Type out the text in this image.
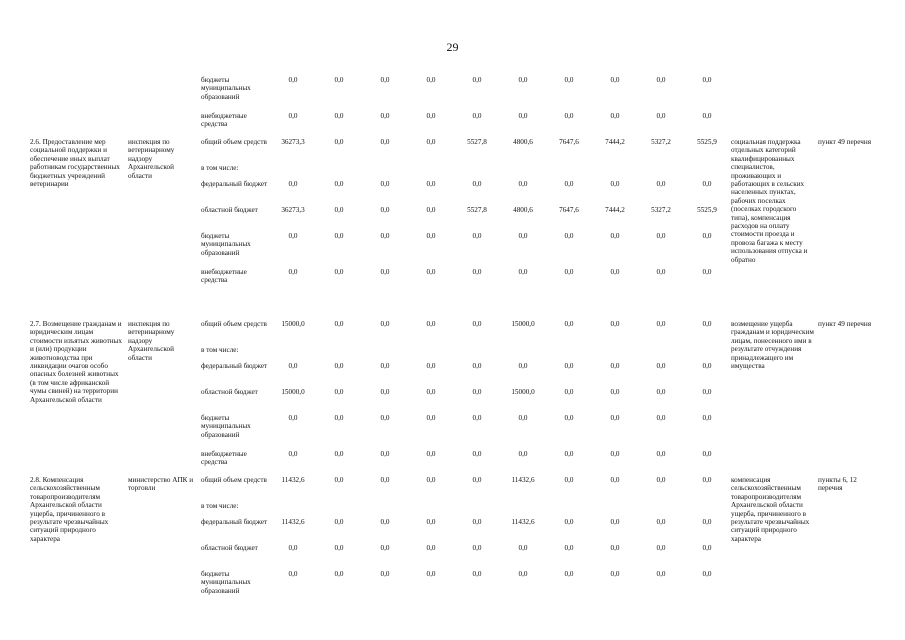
29
		бюджеты муниципальных образований	0,0	0,0	0,0	0,0	0,0	0,0	0,0	0,0	0,0	0,0		
		внебюджетные средства	0,0	0,0	0,0	0,0	0,0	0,0	0,0	0,0	0,0	0,0		
2.6. Предоставление мер социальной поддержки и обеспечение иных выплат работникам государственных бюджетных учреждений ветеринарии	инспекция по ветеринарному надзору Архангельской области	общий объем средств	36273,3	0,0	0,0	0,0	5527,8	4800,6	7647,6	7444,2	5327,2	5525,9	социальная поддержка отдельных категорий квалифицированных специалистов, проживающих и работающих в сельских населенных пунктах, рабочих поселках (поселках городского типа), компенсация расходов на оплату стоимости проезда и провоза багажа к месту использования отпуска и обратно	пункт 49 перечня
		в том числе:												
		федеральный бюджет	0,0	0,0	0,0	0,0	0,0	0,0	0,0	0,0	0,0	0,0		
		областной бюджет	36273,3	0,0	0,0	0,0	5527,8	4800,6	7647,6	7444,2	5327,2	5525,9		
		бюджеты муниципальных образований	0,0	0,0	0,0	0,0	0,0	0,0	0,0	0,0	0,0	0,0		
		внебюджетные средства	0,0	0,0	0,0	0,0	0,0	0,0	0,0	0,0	0,0	0,0		
2.7. Возмещение гражданам и юридическим лицам стоимости изъятых животных и (или) продукции животноводства при ликвидации очагов особо опасных болезней животных (в том числе африканской чумы свиней) на территории Архангельской области	инспекция по ветеринарному надзору Архангельской области	общий объем средств	15000,0	0,0	0,0	0,0	0,0	15000,0	0,0	0,0	0,0	0,0	возмещение ущерба гражданам и юридическим лицам, понесенного ими в результате отчуждения принадлежащего им имущества	пункт 49 перечня
		в том числе:												
		федеральный бюджет	0,0	0,0	0,0	0,0	0,0	0,0	0,0	0,0	0,0	0,0		
		областной бюджет	15000,0	0,0	0,0	0,0	0,0	15000,0	0,0	0,0	0,0	0,0		
		бюджеты муниципальных образований	0,0	0,0	0,0	0,0	0,0	0,0	0,0	0,0	0,0	0,0		
		внебюджетные средства	0,0	0,0	0,0	0,0	0,0	0,0	0,0	0,0	0,0	0,0		
2.8. Компенсация сельскохозяйственным товаропроизводителям Архангельской области ущерба, причиненного в результате чрезвычайных ситуаций природного характера	министерство АПК и торговли	общий объем средств	11432,6	0,0	0,0	0,0	0,0	11432,6	0,0	0,0	0,0	0,0	компенсация сельскохозяйственным товаропроизводителям Архангельской области ущерба, причиненного в результате чрезвычайных ситуаций природного характера	пункты 6, 12 перечня
		в том числе:												
		федеральный бюджет	11432,6	0,0	0,0	0,0	0,0	11432,6	0,0	0,0	0,0	0,0		
		областной бюджет	0,0	0,0	0,0	0,0	0,0	0,0	0,0	0,0	0,0	0,0		
		бюджеты муниципальных образований	0,0	0,0	0,0	0,0	0,0	0,0	0,0	0,0	0,0	0,0		
